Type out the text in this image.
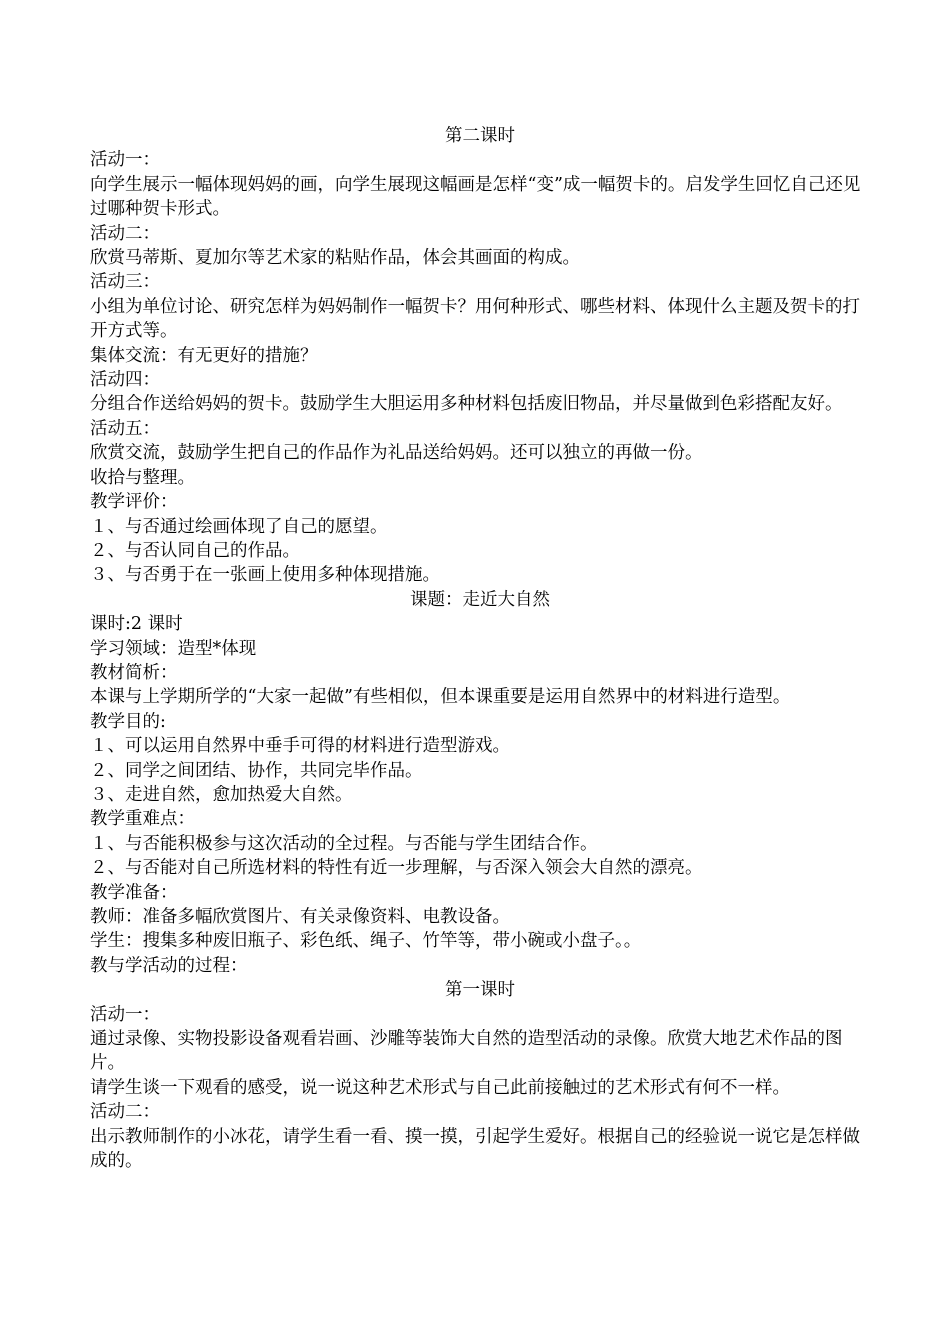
第二课时
活动一：
向学生展示一幅体现妈妈的画，向学生展现这幅画是怎样“变”成一幅贺卡的。启发学生回忆自己还见过哪种贺卡形式。
活动二：
欣赏马蒂斯、夏加尔等艺术家的粘贴作品，体会其画面的构成。
活动三：
小组为单位讨论、研究怎样为妈妈制作一幅贺卡？用何种形式、哪些材料、体现什么主题及贺卡的打开方式等。
集体交流：有无更好的措施？
活动四：
分组合作送给妈妈的贺卡。鼓励学生大胆运用多种材料包括废旧物品，并尽量做到色彩搭配友好。
活动五：
欣赏交流，鼓励学生把自己的作品作为礼品送给妈妈。还可以独立的再做一份。
收拾与整理。
教学评价：
１、与否通过绘画体现了自己的愿望。
２、与否认同自己的作品。
３、与否勇于在一张画上使用多种体现措施。
课题：走近大自然
课时:2 课时
学习领域：造型*体现
教材简析：
本课与上学期所学的“大家一起做”有些相似，但本课重要是运用自然界中的材料进行造型。
教学目的:
１、可以运用自然界中垂手可得的材料进行造型游戏。
２、同学之间团结、协作，共同完毕作品。
３、走进自然，愈加热爱大自然。
教学重难点：
１、与否能积极参与这次活动的全过程。与否能与学生团结合作。
２、与否能对自己所选材料的特性有近一步理解，与否深入领会大自然的漂亮。
教学准备：
教师：准备多幅欣赏图片、有关录像资料、电教设备。
学生：搜集多种废旧瓶子、彩色纸、绳子、竹竿等，带小碗或小盘子。。
教与学活动的过程：
第一课时
活动一：
通过录像、实物投影设备观看岩画、沙雕等装饰大自然的造型活动的录像。欣赏大地艺术作品的图片。
请学生谈一下观看的感受，说一说这种艺术形式与自己此前接触过的艺术形式有何不一样。
活动二：
出示教师制作的小冰花，请学生看一看、摸一摸，引起学生爱好。根据自己的经验说一说它是怎样做成的。
